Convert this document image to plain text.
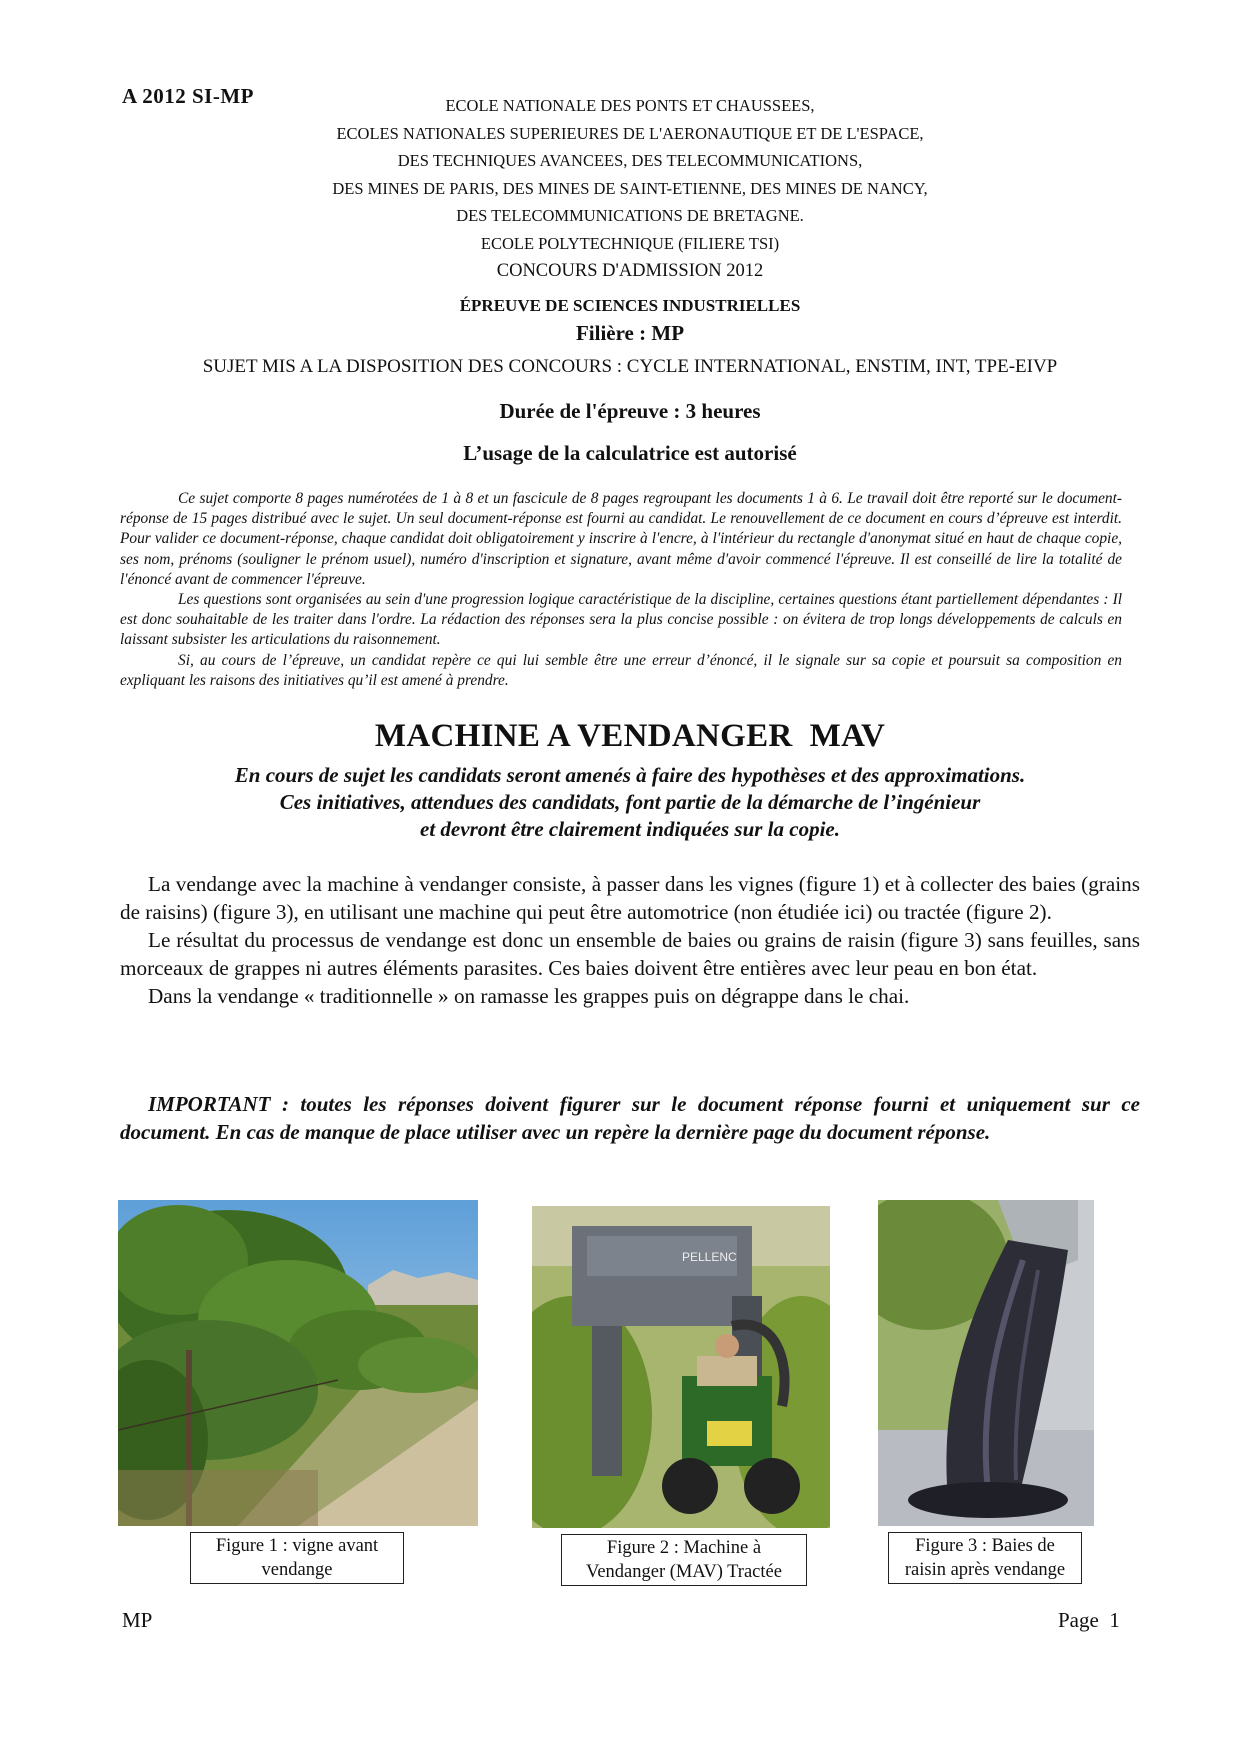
A 2012 SI-MP	ECOLE NATIONALE DES PONTS ET CHAUSSEES,
ECOLES NATIONALES SUPERIEURES DE L'AERONAUTIQUE ET DE L'ESPACE,
DES TECHNIQUES AVANCEES, DES TELECOMMUNICATIONS,
DES MINES DE PARIS, DES MINES DE SAINT-ETIENNE, DES MINES DE NANCY,
DES TELECOMMUNICATIONS DE BRETAGNE.
ECOLE POLYTECHNIQUE (FILIERE TSI)
CONCOURS D'ADMISSION 2012
ÉPREUVE DE SCIENCES INDUSTRIELLES
Filière : MP
SUJET MIS A LA DISPOSITION DES CONCOURS : CYCLE INTERNATIONAL, ENSTIM, INT, TPE-EIVP
Durée de l'épreuve : 3 heures
L’usage de la calculatrice est autorisé

Ce sujet comporte 8 pages numérotées de 1 à 8 et un fascicule de 8 pages regroupant les documents 1 à 6. Le travail doit être reporté sur le document-réponse de 15 pages distribué avec le sujet. Un seul document-réponse est fourni au candidat. Le renouvellement de ce document en cours d’épreuve est interdit. Pour valider ce document-réponse, chaque candidat doit obligatoirement y inscrire à l'encre, à l'intérieur du rectangle d'anonymat situé en haut de chaque copie, ses nom, prénoms (souligner le prénom usuel), numéro d'inscription et signature, avant même d'avoir commencé l'épreuve. Il est conseillé de lire la totalité de l'énoncé avant de commencer l'épreuve.

Les questions sont organisées au sein d'une progression logique caractéristique de la discipline, certaines questions étant partiellement dépendantes : Il est donc souhaitable de les traiter dans l'ordre. La rédaction des réponses sera la plus concise possible : on évitera de trop longs développements de calculs en laissant subsister les articulations du raisonnement.

Si, au cours de l’épreuve, un candidat repère ce qui lui semble être une erreur d’énoncé, il le signale sur sa copie et poursuit sa composition en expliquant les raisons des initiatives qu’il est amené à prendre.

MACHINE A VENDANGER  MAV
En cours de sujet les candidats seront amenés à faire des hypothèses et des approximations.
Ces initiatives, attendues des candidats, font partie de la démarche de l’ingénieur
et devront être clairement indiquées sur la copie.

La vendange avec la machine à vendanger consiste, à passer dans les vignes (figure 1) et à collecter des baies (grains de raisins) (figure 3), en utilisant une machine qui peut être automotrice (non étudiée ici) ou tractée (figure 2).

Le résultat du processus de vendange est donc un ensemble de baies ou grains de raisin (figure 3) sans feuilles, sans morceaux de grappes ni autres éléments parasites. Ces baies doivent être entières avec leur peau en bon état.

Dans la vendange « traditionnelle » on ramasse les grappes puis on dégrappe dans le chai.

IMPORTANT : toutes les réponses doivent figurer sur le document réponse fourni et uniquement sur ce document. En cas de manque de place utiliser avec un repère la dernière page du document réponse.
Figure 1 : vigne avant
vendange
PELLENC
Figure 2 : Machine à
Vendanger (MAV) Tractée
Figure 3 : Baies de
raisin après vendange
MP	Page  1
